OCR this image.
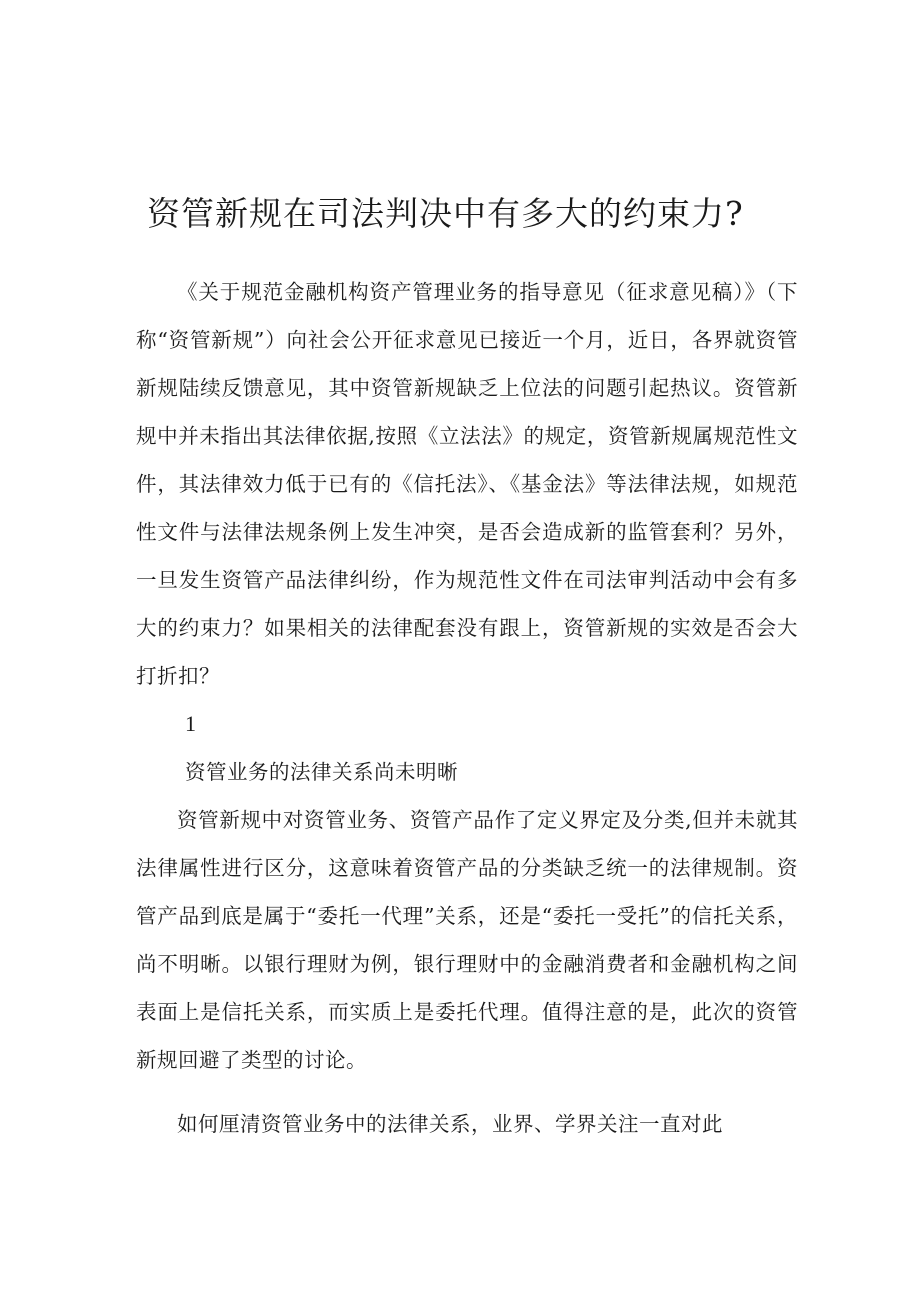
资管新规在司法判决中有多大的约束力?

《关于规范金融机构资产管理业务的指导意见（征求意见稿）》（下称“资管新规”）向社会公开征求意见已接近一个月，近日，各界就资管新规陆续反馈意见，其中资管新规缺乏上位法的问题引起热议。资管新规中并未指出其法律依据,按照《立法法》的规定，资管新规属规范性文件，其法律效力低于已有的《信托法》、《基金法》等法律法规，如规范性文件与法律法规条例上发生冲突，是否会造成新的监管套利？另外，一旦发生资管产品法律纠纷，作为规范性文件在司法审判活动中会有多大的约束力？如果相关的法律配套没有跟上，资管新规的实效是否会大打折扣？

1

资管业务的法律关系尚未明晰

资管新规中对资管业务、资管产品作了定义界定及分类,但并未就其法律属性进行区分，这意味着资管产品的分类缺乏统一的法律规制。资管产品到底是属于“委托一代理”关系，还是“委托一受托”的信托关系，尚不明晰。以银行理财为例，银行理财中的金融消费者和金融机构之间表面上是信托关系，而实质上是委托代理。值得注意的是，此次的资管新规回避了类型的讨论。

如何厘清资管业务中的法律关系，业界、学界关注一直对此
